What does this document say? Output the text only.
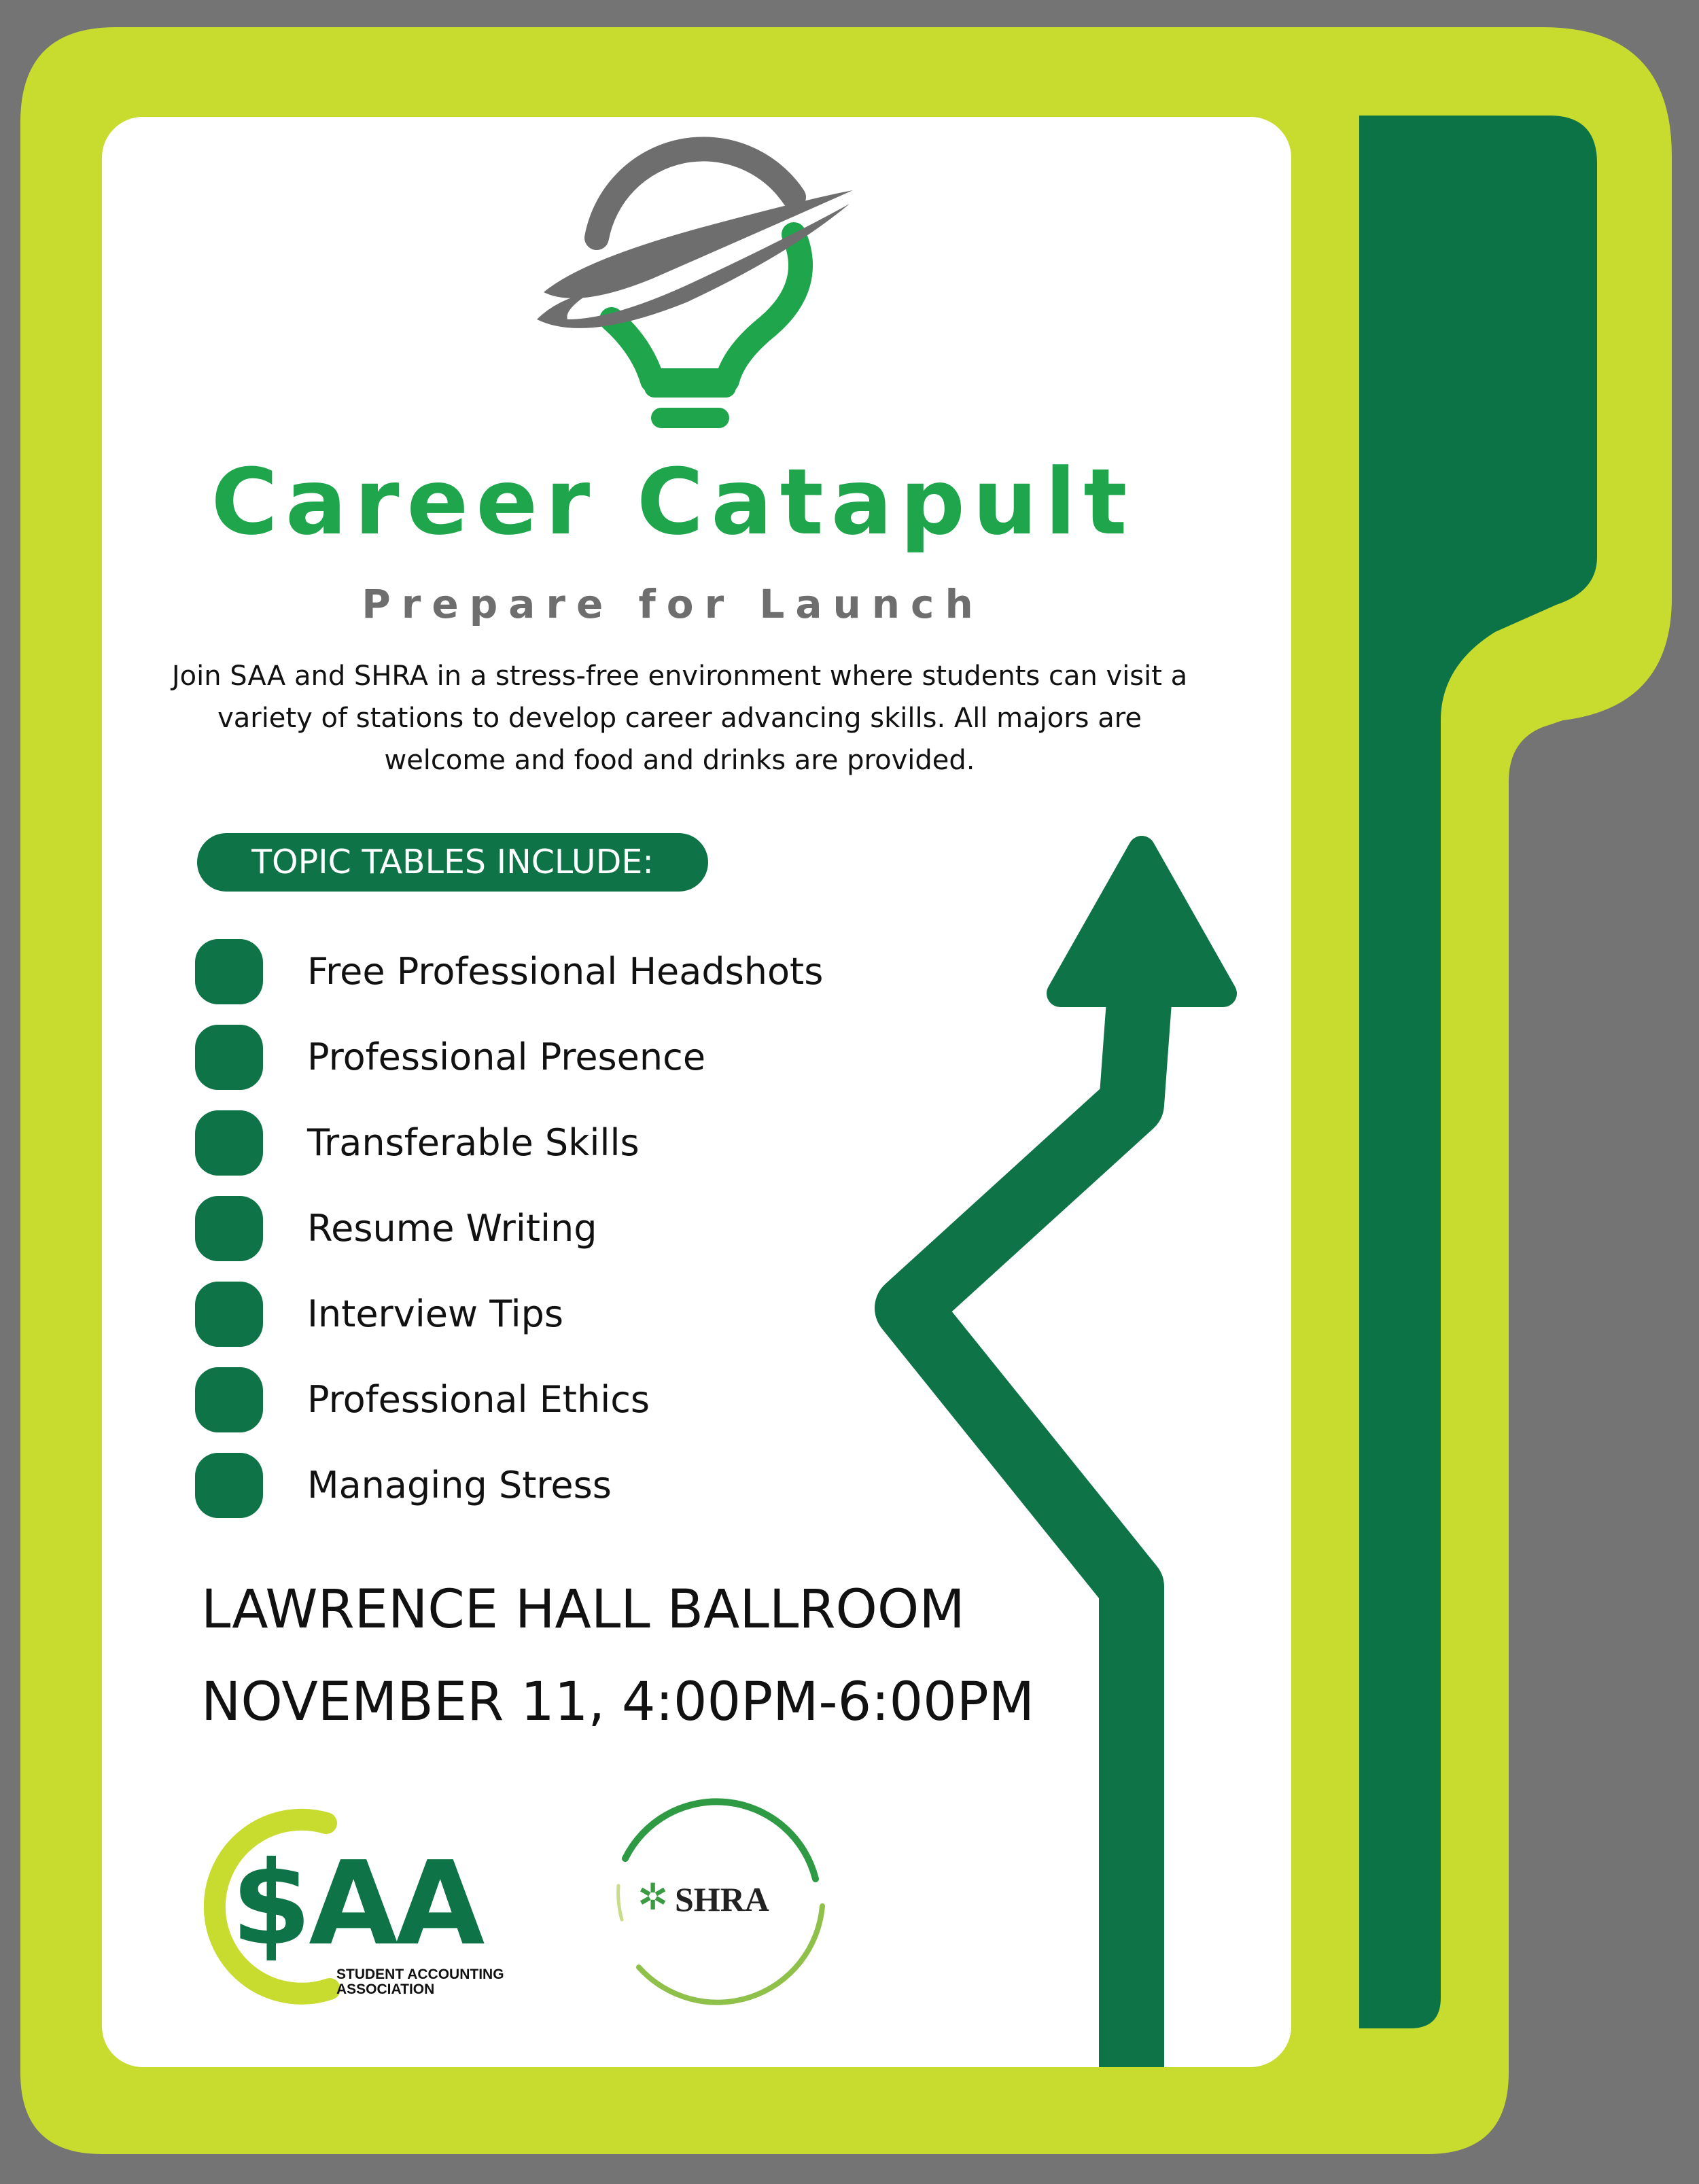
Career Catapult
Prepare for Launch
Join SAA and SHRA in a stress-free environment where students can visit a variety of stations to develop career advancing skills. All majors are welcome and food and drinks are provided.
TOPIC TABLES INCLUDE:
Free Professional Headshots
Professional Presence
Transferable Skills
Resume Writing
Interview Tips
Professional Ethics
Managing Stress
LAWRENCE HALL BALLROOM
NOVEMBER 11, 4:00PM-6:00PM
$AA
STUDENT ACCOUNTING
ASSOCIATION
✲ SHRA
